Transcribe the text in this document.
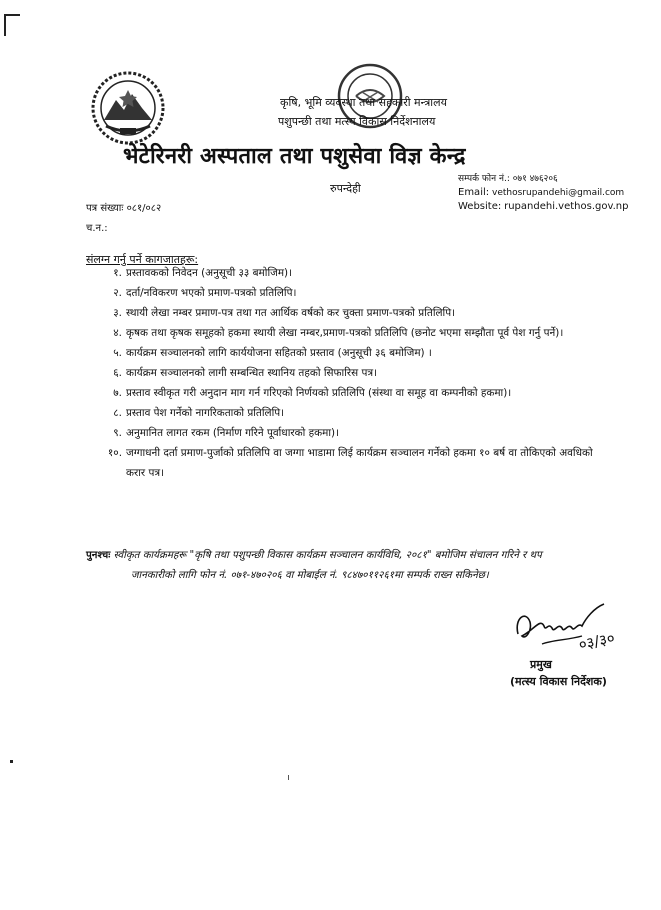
कृषि, भूमि व्यवस्था तथा सहकारी मन्त्रालय
पशुपन्छी तथा मत्स्य विकास निर्देशनालय
भेटेरिनरी अस्पताल तथा पशुसेवा विज्ञ केन्द्र
रुपन्देही
सम्पर्क फोन नं.: ०७१ ४७६२०६
Email: vethosrupandehi@gmail.com
Website: rupandehi.vethos.gov.np
पत्र संख्याः ०८१/०८२
च.न.:
संलग्न गर्नु पर्ने कागजातहरू:
१. प्रस्तावकको निवेदन (अनुसूची ३३ बमोजिम)।
२. दर्ता/नविकरण भएको प्रमाण-पत्रको प्रतिलिपि।
३. स्थायी लेखा नम्बर प्रमाण-पत्र तथा गत आर्थिक वर्षको कर चुक्ता प्रमाण-पत्रको प्रतिलिपि।
४. कृषक तथा कृषक समूहको हकमा स्थायी लेखा नम्बर,प्रमाण-पत्रको प्रतिलिपि (छनोट भएमा सम्झौता पूर्व पेश गर्नु पर्ने)।
५. कार्यक्रम सञ्चालनको लागि कार्ययोजना सहितको प्रस्ताव (अनुसूची ३६ बमोजिम) ।
६. कार्यक्रम सञ्चालनको लागी सम्बन्धित स्थानिय तहको सिफारिस पत्र।
७. प्रस्ताव स्वीकृत गरी अनुदान माग गर्न गरिएको निर्णयको प्रतिलिपि (संस्था वा समूह वा कम्पनीको हकमा)।
८. प्रस्ताव पेश गर्नेको नागरिकताको प्रतिलिपि।
९. अनुमानित लागत रकम (निर्माण गरिने पूर्वाधारको हकमा)।
१०. जग्गाधनी दर्ता प्रमाण-पुर्जाको प्रतिलिपि वा जग्गा भाडामा लिई कार्यक्रम सञ्चालन गर्नेको हकमा १० बर्ष वा तोकिएको अवधिको करार पत्र।
पुनश्चः स्वीकृत कार्यक्रमहरू "कृषि तथा पशुपन्छी विकास कार्यक्रम सञ्चालन कार्यविधि, २०८१" बमोजिम संचालन गरिने र थप
जानकारीको लागि फोन नं. ०७१-४७०२०६ वा मोबाईल नं. ९८४७०११२६१मा सम्पर्क राख्न सकिनेछ।
०३/३०
प्रमुख
(मत्स्य विकास निर्देशक)
